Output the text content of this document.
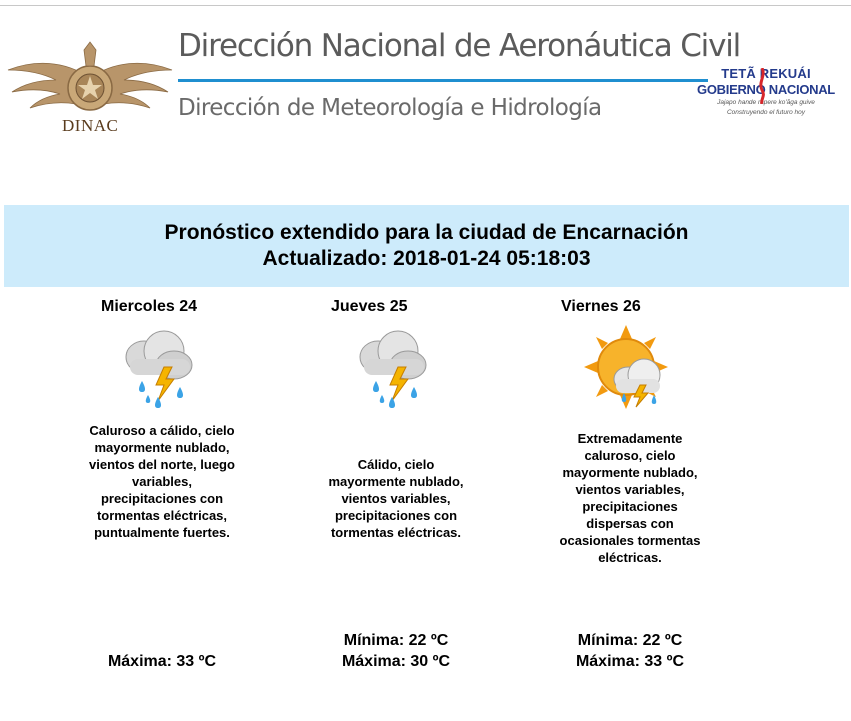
DINAC
Dirección Nacional de Aeronáutica Civil
Dirección de Meteorología e Hidrología
TETÃ REKUÁI
GOBIERNO NACIONAL
Jajapo hande rapere ko'ãga guive
Construyendo el futuro hoy
Pronóstico extendido para la ciudad de Encarnación
Actualizado: 2018-01-24 05:18:03
Miercoles 24
Caluroso a cálido, cielo mayormente nublado, vientos del norte, luego variables, precipitaciones con tormentas eléctricas, puntualmente fuertes.
Máxima: 33 ºC
Jueves 25
Cálido, cielo mayormente nublado, vientos variables, precipitaciones con tormentas eléctricas.
Mínima: 22 ºC
Máxima: 30 ºC
Viernes 26
Extremadamente caluroso, cielo mayormente nublado, vientos variables, precipitaciones dispersas con ocasionales tormentas eléctricas.
Mínima: 22 ºC
Máxima: 33 ºC
